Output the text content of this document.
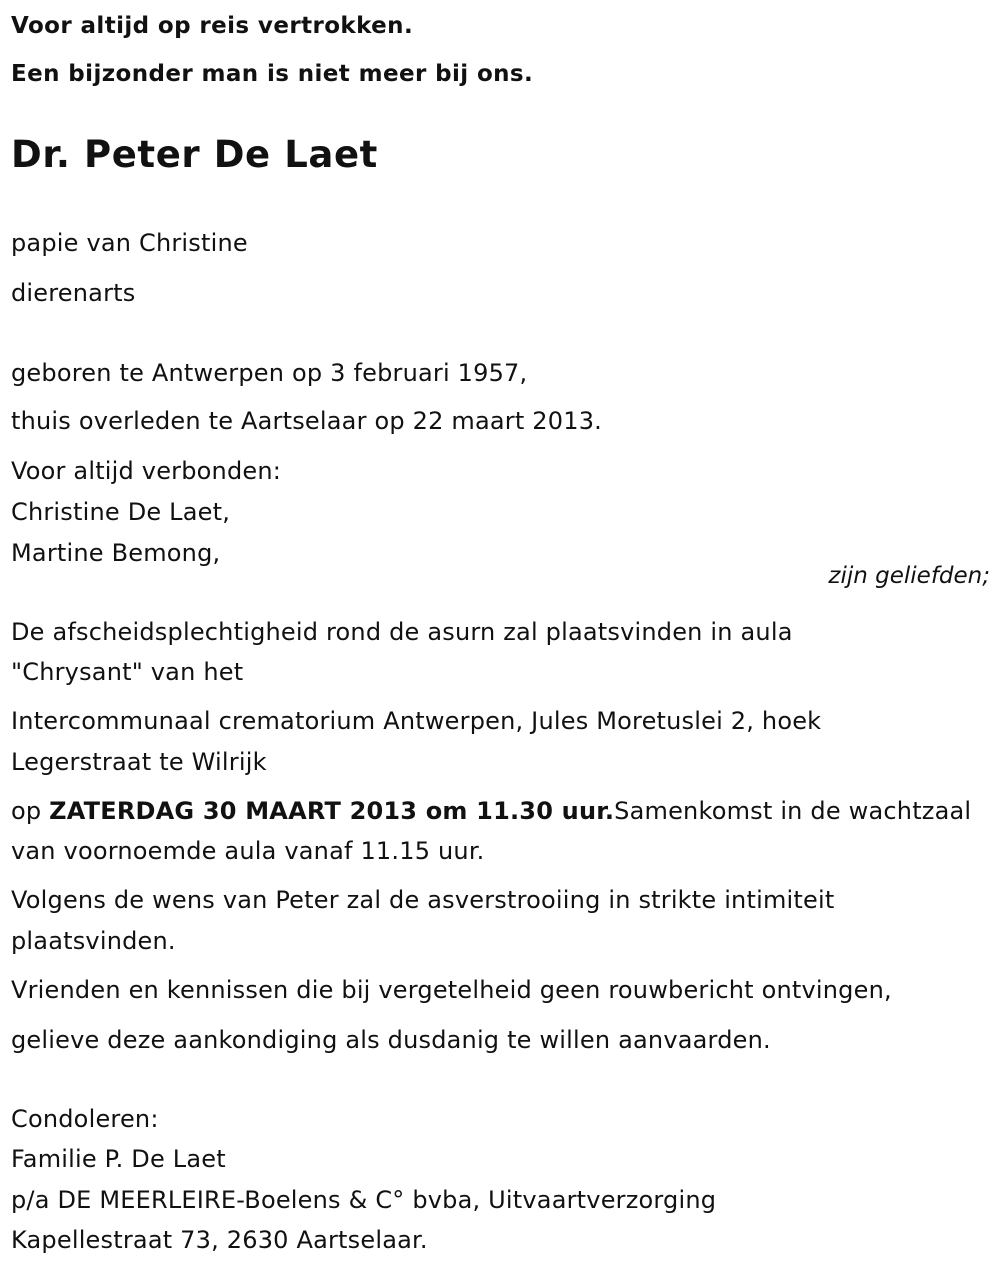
Voor altijd op reis vertrokken.
Een bijzonder man is niet meer bij ons.
Dr. Peter De Laet
papie van Christine
dierenarts
geboren te Antwerpen op 3 februari 1957,
thuis overleden te Aartselaar op 22 maart 2013.
Voor altijd verbonden:
Christine De Laet,
Martine Bemong,
zijn geliefden;
De afscheidsplechtigheid rond de asurn zal plaatsvinden in aula
"Chrysant" van het
Intercommunaal crematorium Antwerpen, Jules Moretuslei 2, hoek
Legerstraat te Wilrijk
op ZATERDAG 30 MAART 2013 om 11.30 uur.Samenkomst in de wachtzaal
van voornoemde aula vanaf 11.15 uur.
Volgens de wens van Peter zal de asverstrooiing in strikte intimiteit
plaatsvinden.
Vrienden en kennissen die bij vergetelheid geen rouwbericht ontvingen,
gelieve deze aankondiging als dusdanig te willen aanvaarden.
Condoleren:
Familie P. De Laet
p/a DE MEERLEIRE-Boelens & C° bvba, Uitvaartverzorging
Kapellestraat 73, 2630 Aartselaar.
